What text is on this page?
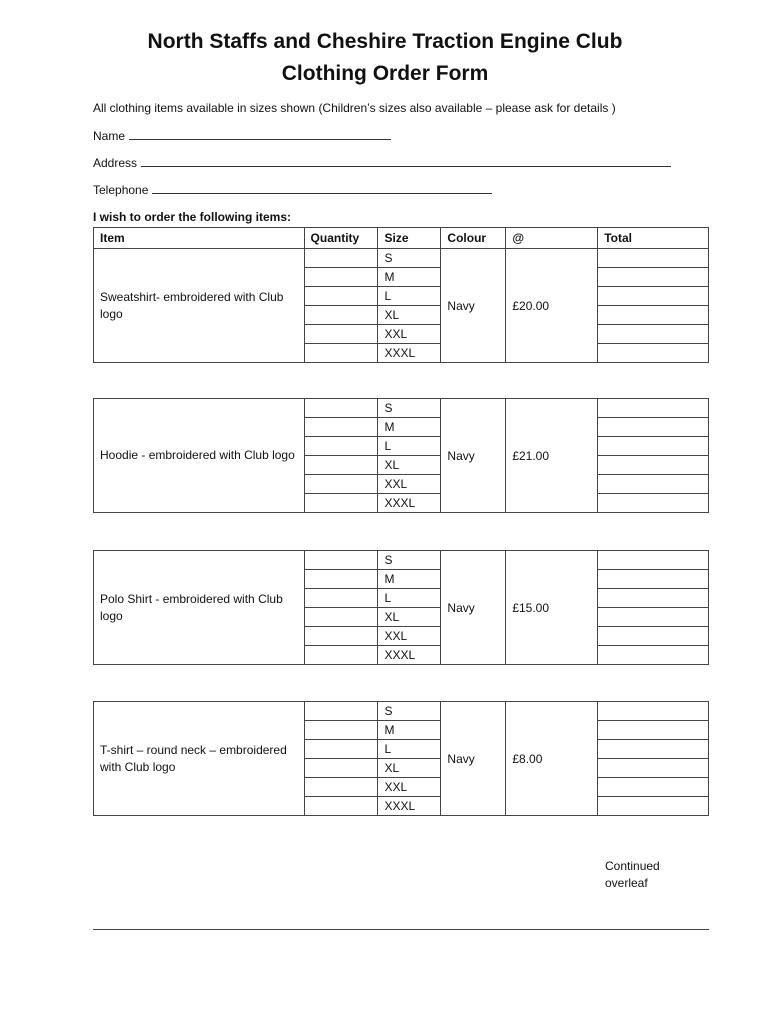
North Staffs and Cheshire Traction Engine Club
Clothing Order Form
All clothing items available in sizes shown (Children’s sizes also available – please ask for details )
Name
Address
Telephone
I wish to order the following items:
Item	Quantity	Size	Colour	@	Total
Sweatshirt- embroidered with Club logo		S	Navy	£20.00	
		M			
		L			
		XL			
		XXL			
		XXXL			
Hoodie - embroidered with Club logo		S	Navy	£21.00	
		M			
		L			
		XL			
		XXL			
		XXXL			
Polo Shirt - embroidered with Club logo		S	Navy	£15.00	
		M			
		L			
		XL			
		XXL			
		XXXL			
T-shirt – round neck – embroidered with Club logo		S	Navy	£8.00	
		M			
		L			
		XL			
		XXL			
		XXXL			
Continued overleaf
